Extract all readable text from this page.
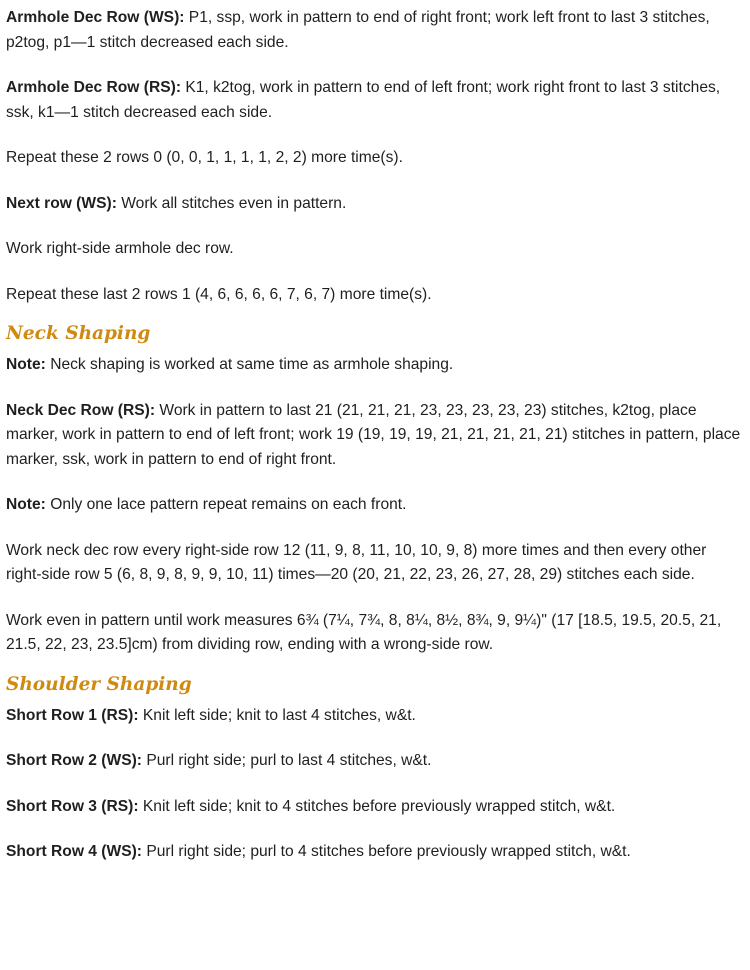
Armhole Dec Row (WS): P1, ssp, work in pattern to end of right front; work left front to last 3 stitches, p2tog, p1—1 stitch decreased each side.

Armhole Dec Row (RS): K1, k2tog, work in pattern to end of left front; work right front to last 3 stitches, ssk, k1—1 stitch decreased each side.

Repeat these 2 rows 0 (0, 0, 1, 1, 1, 1, 2, 2) more time(s).

Next row (WS): Work all stitches even in pattern.

Work right-side armhole dec row.

Repeat these last 2 rows 1 (4, 6, 6, 6, 6, 7, 6, 7) more time(s).

Neck Shaping

Note: Neck shaping is worked at same time as armhole shaping.

Neck Dec Row (RS): Work in pattern to last 21 (21, 21, 21, 23, 23, 23, 23, 23) stitches, k2tog, place marker, work in pattern to end of left front; work 19 (19, 19, 19, 21, 21, 21, 21, 21) stitches in pattern, place marker, ssk, work in pattern to end of right front.

Note: Only one lace pattern repeat remains on each front.

Work neck dec row every right-side row 12 (11, 9, 8, 11, 10, 10, 9, 8) more times and then every other right-side row 5 (6, 8, 9, 8, 9, 9, 10, 11) times—20 (20, 21, 22, 23, 26, 27, 28, 29) stitches each side.

Work even in pattern until work measures 6¾ (7¼, 7¾, 8, 8¼, 8½, 8¾, 9, 9¼)" (17 [18.5, 19.5, 20.5, 21, 21.5, 22, 23, 23.5]cm) from dividing row, ending with a wrong-side row.

Shoulder Shaping

Short Row 1 (RS): Knit left side; knit to last 4 stitches, w&t.

Short Row 2 (WS): Purl right side; purl to last 4 stitches, w&t.

Short Row 3 (RS): Knit left side; knit to 4 stitches before previously wrapped stitch, w&t.

Short Row 4 (WS): Purl right side; purl to 4 stitches before previously wrapped stitch, w&t.
